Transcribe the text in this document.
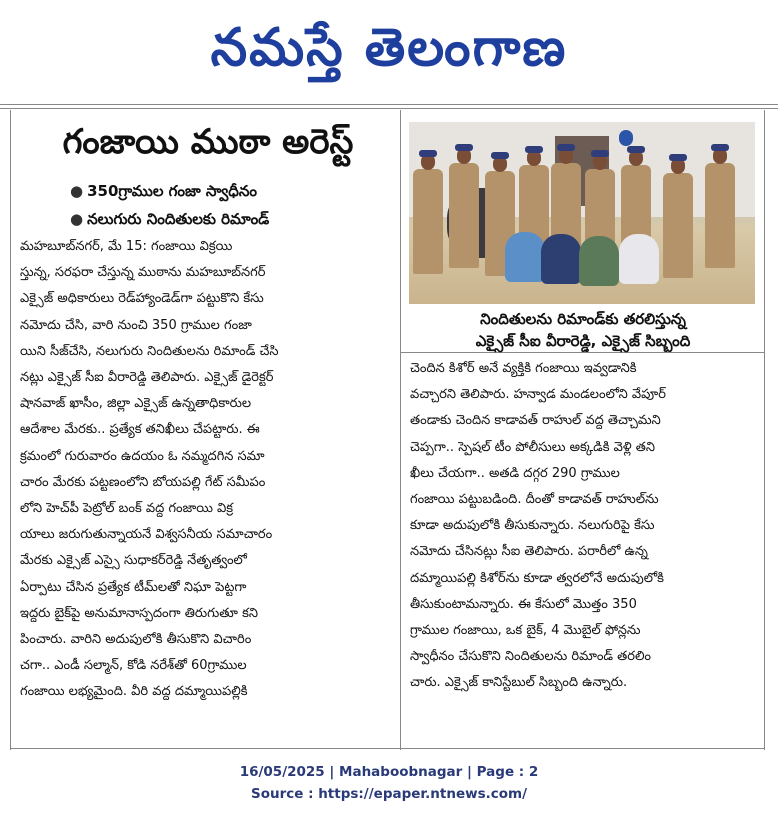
నమస్తే తెలంగాణ
గంజాయి ముఠా అరెస్ట్
● 350గ్రాముల గంజా స్వాధీనం
● నలుగురు నిందితులకు రిమాండ్

మహబూబ్‌నగర్, మే 15: గంజాయి విక్రయి

స్తున్న, సరఫరా చేస్తున్న ముఠాను మహబూబ్‌నగర్

ఎక్సైజ్ అధికారులు రెడ్‌హ్యాండెడ్‌గా పట్టుకొని కేసు

నమోదు చేసి, వారి నుంచి 350 గ్రాముల గంజా

యిని సీజ్‌చేసి, నలుగురు నిందితులను రిమాండ్ చేసి

నట్లు ఎక్సైజ్ సీఐ వీరారెడ్డి తెలిపారు. ఎక్సైజ్ డైరెక్టర్

షానవాజ్ ఖాసీం, జిల్లా ఎక్సైజ్ ఉన్నతాధికారుల

ఆదేశాల మేరకు.. ప్రత్యేక తనిఖీలు చేపట్టారు. ఈ

క్రమంలో గురువారం ఉదయం ఓ నమ్మదగిన సమా

చారం మేరకు పట్టణంలోని బోయపల్లి గేట్ సమీపం

లోని హెచ్‌పీ పెట్రోల్ బంక్ వద్ద గంజాయి విక్ర

యాలు జరుగుతున్నాయనే విశ్వసనీయ సమాచారం

మేరకు ఎక్సైజ్ ఎస్సై సుధాకర్‌రెడ్డి నేతృత్వంలో

ఏర్పాటు చేసిన ప్రత్యేక టీమ్‌లతో నిఘా పెట్టగా

ఇద్దరు బైక్‌పై అనుమానాస్పదంగా తిరుగుతూ కని

పించారు. వారిని అదుపులోకి తీసుకొని విచారిం

చగా.. ఎండీ సల్మాన్, కోడి నరేశ్‌తో 60గ్రాముల

గంజాయి లభ్యమైంది. వీరి వద్ద దమ్మాయిపల్లికి

నిందితులను రిమాండ్‌కు తరలిస్తున్న
ఎక్సైజ్ సీఐ వీరారెడ్డి, ఎక్సైజ్ సిబ్బంది

చెందిన కిశోర్ అనే వ్యక్తికి గంజాయి ఇవ్వడానికి

వచ్చారని తెలిపారు. హన్వాడ మండలంలోని వేపూర్

తండాకు చెందిన కాడావత్ రాహుల్ వద్ద తెచ్చామని

చెప్పగా.. స్పెషల్ టీం పోలీసులు అక్కడికి వెళ్లి తని

ఖీలు చేయగా.. అతడి దగ్గర 290 గ్రాముల

గంజాయి పట్టుబడింది. దీంతో కాడావత్ రాహుల్‌ను

కూడా అదుపులోకి తీసుకున్నారు. నలుగురిపై కేసు

నమోదు చేసినట్లు సీఐ తెలిపారు. పరారీలో ఉన్న

దమ్మాయిపల్లి కిశోర్‌ను కూడా త్వరలోనే అదుపులోకి

తీసుకుంటామన్నారు. ఈ కేసులో మొత్తం 350

గ్రాముల గంజాయి, ఒక బైక్, 4 మొబైల్ ఫోన్లను

స్వాధీనం చేసుకొని నిందితులను రిమాండ్ తరలిం

చారు. ఎక్సైజ్ కానిస్టేబుల్ సిబ్బంది ఉన్నారు.

16/05/2025 | Mahaboobnagar | Page : 2
Source : https://epaper.ntnews.com/
